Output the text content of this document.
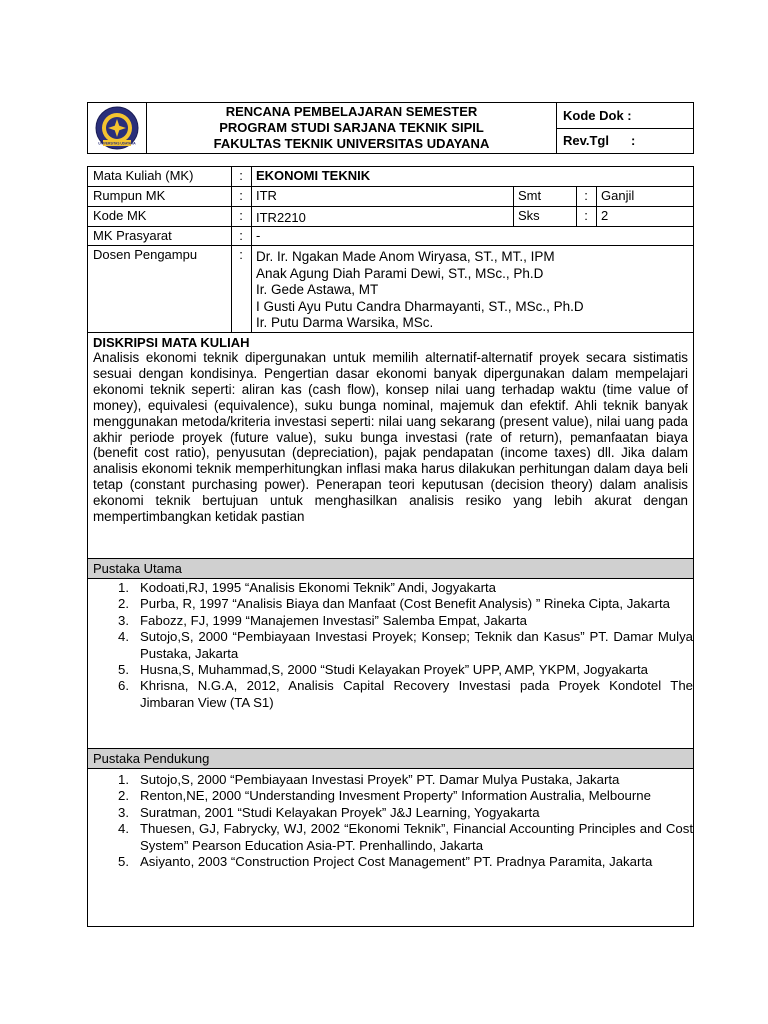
UNIVERSITAS UDAYANA
RENCANA PEMBELAJARAN SEMESTER
PROGRAM STUDI SARJANA TEKNIK SIPIL
FAKULTAS TEKNIK UNIVERSITAS UDAYANA
Kode Dok :
Rev.Tgl :
Mata Kuliah (MK)	:	EKONOMI TEKNIK
Rumpun MK	:	ITR	Smt	:	Ganjil
Kode MK	:	ITR2210	Sks	:	2
MK Prasyarat	:	-
Dosen Pengampu	: Dr. Ir. Ngakan Made Anom Wiryasa, ST., MT., IPM
Anak Agung Diah Parami Dewi, ST., MSc., Ph.D
Ir. Gede Astawa, MT
I Gusti Ayu Putu Candra Dharmayanti, ST., MSc., Ph.D
Ir. Putu Darma Warsika, MSc.
DISKRIPSI MATA KULIAH
Analisis ekonomi teknik dipergunakan untuk memilih alternatif-alternatif proyek secara sistimatis sesuai dengan kondisinya. Pengertian dasar ekonomi banyak dipergunakan dalam mempelajari ekonomi teknik seperti: aliran kas (cash flow), konsep nilai uang terhadap waktu (time value of money), equivalesi (equivalence), suku bunga nominal, majemuk dan efektif. Ahli teknik banyak menggunakan metoda/kriteria investasi seperti: nilai uang sekarang (present value), nilai uang pada akhir periode proyek (future value), suku bunga investasi (rate of return), pemanfaatan biaya (benefit cost ratio), penyusutan (depreciation), pajak pendapatan (income taxes) dll. Jika dalam analisis ekonomi teknik memperhitungkan inflasi maka harus dilakukan perhitungan dalam daya beli tetap (constant purchasing power). Penerapan teori keputusan (decision theory) dalam analisis ekonomi teknik bertujuan untuk menghasilkan analisis resiko yang lebih akurat dengan mempertimbangkan ketidak pastian
Pustaka Utama
1. Kodoati,RJ, 1995 “Analisis Ekonomi Teknik” Andi, Jogyakarta
2. Purba, R, 1997 “Analisis Biaya dan Manfaat (Cost Benefit Analysis) ” Rineka Cipta, Jakarta
3. Fabozz, FJ, 1999 “Manajemen Investasi” Salemba Empat, Jakarta
4. Sutojo,S, 2000 “Pembiayaan Investasi Proyek; Konsep; Teknik dan Kasus” PT. Damar Mulya Pustaka, Jakarta
5. Husna,S, Muhammad,S, 2000 “Studi Kelayakan Proyek” UPP, AMP, YKPM, Jogyakarta
6. Khrisna, N.G.A, 2012, Analisis Capital Recovery Investasi pada Proyek Kondotel The Jimbaran View (TA S1)
Pustaka Pendukung
1. Sutojo,S, 2000 “Pembiayaan Investasi Proyek” PT. Damar Mulya Pustaka, Jakarta
2. Renton,NE, 2000 “Understanding Invesment Property” Information Australia, Melbourne
3. Suratman, 2001 “Studi Kelayakan Proyek” J&J Learning, Yogyakarta
4. Thuesen, GJ, Fabrycky, WJ, 2002 “Ekonomi Teknik”, Financial Accounting Principles and Cost System” Pearson Education Asia-PT. Prenhallindo, Jakarta
5. Asiyanto, 2003 “Construction Project Cost Management” PT. Pradnya Paramita, Jakarta
